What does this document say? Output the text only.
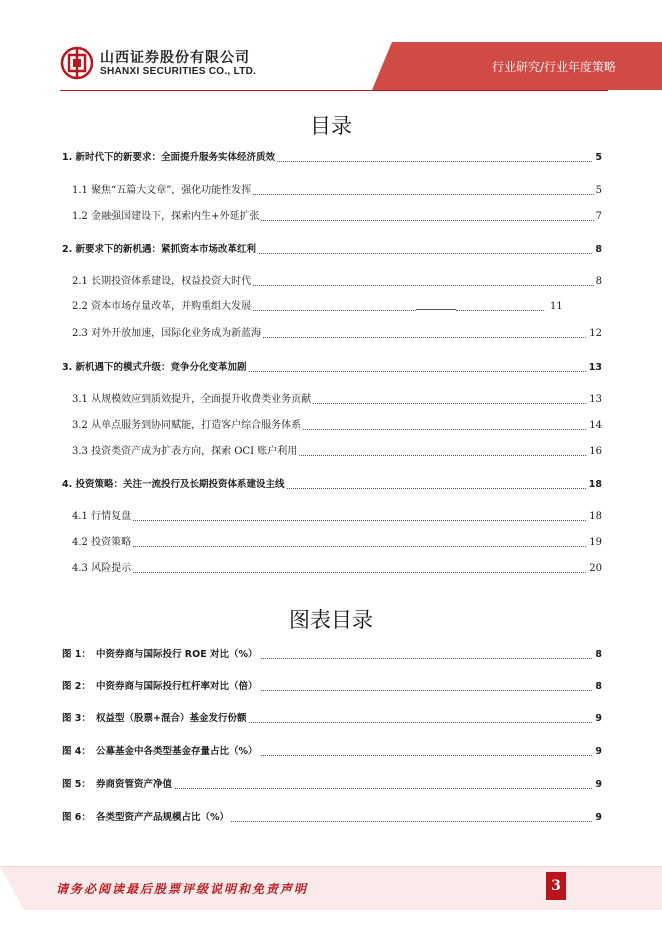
山西证券股份有限公司
SHANXI SECURITIES CO., LTD.	行业研究/行业年度策略
目录
1. 新时代下的新要求：全面提升服务实体经济质效	5
1.1 聚焦“五篇大文章”，强化功能性发挥	5
1.2 金融强国建设下，探索内生+外延扩张	7
2. 新要求下的新机遇：紧抓资本市场改革红利	8
2.1 长期投资体系建设，权益投资大时代	8
2.2 资本市场存量改革，并购重组大发展	11
2.3 对外开放加速，国际化业务成为新蓝海	12
3. 新机遇下的模式升级：竞争分化变革加剧	13
3.1 从规模效应到质效提升，全面提升收费类业务贡献	13
3.2 从单点服务到协同赋能，打造客户综合服务体系	14
3.3 投资类资产成为扩表方向，探索 OCI 账户利用	16
4. 投资策略：关注一流投行及长期投资体系建设主线	18
4.1 行情复盘	18
4.2 投资策略	19
4.3 风险提示	20
图表目录
图 1： 中资券商与国际投行 ROE 对比（%）	8
图 2： 中资券商与国际投行杠杆率对比（倍）	8
图 3： 权益型（股票+混合）基金发行份额	9
图 4： 公募基金中各类型基金存量占比（%）	9
图 5： 券商资管资产净值	9
图 6： 各类型资产产品规模占比（%）	9
请务必阅读最后股票评级说明和免责声明	3
